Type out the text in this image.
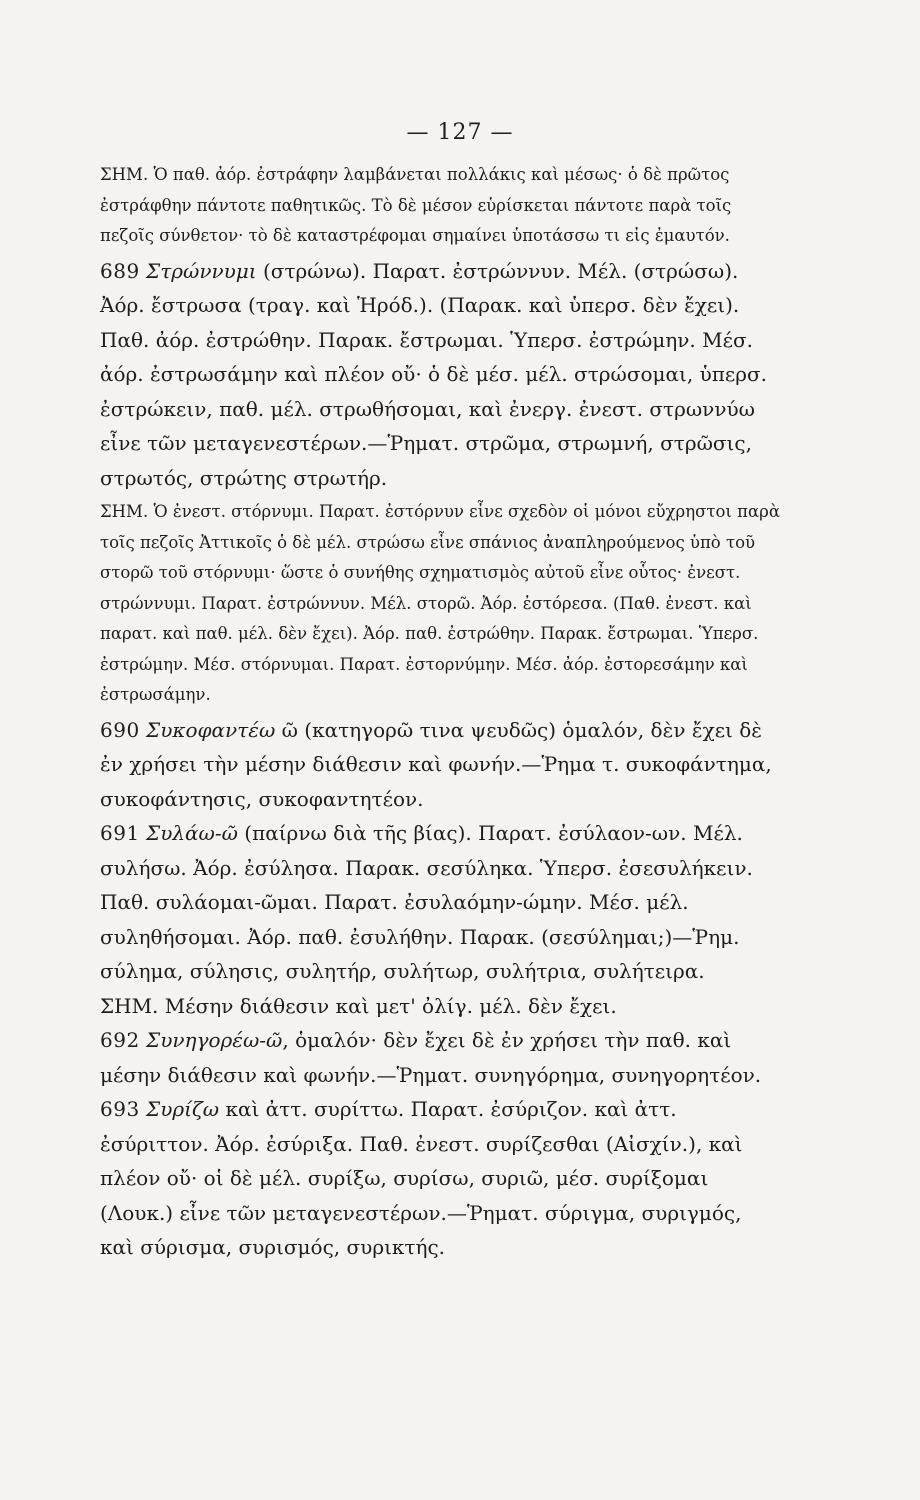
— 127 —

ΣΗΜ. Ὁ παθ. ἀόρ. ἐστράφην λαμβάνεται πολλάκις καὶ μέσως· ὁ δὲ πρῶτος ἐστράφθην πάντοτε παθητικῶς. Τὸ δὲ μέσον εὑρίσκεται πάντοτε παρὰ τοῖς πεζοῖς σύνθετον· τὸ δὲ καταστρέφομαι σημαίνει ὑποτάσσω τι εἰς ἐμαυτόν.

689 Στρώννυμι (στρώνω). Παρατ. ἐστρώννυν. Μέλ. (στρώσω). Ἀόρ. ἔστρωσα (τραγ. καὶ Ἡρόδ.). (Παρακ. καὶ ὑπερσ. δὲν ἔχει).

Παθ. ἀόρ. ἐστρώθην. Παρακ. ἔστρωμαι. Ὑπερσ. ἐστρώμην. Μέσ. ἀόρ. ἐστρωσάμην καὶ πλέον οὔ· ὁ δὲ μέσ. μέλ. στρώσομαι, ὑπερσ. ἐστρώκειν, παθ. μέλ. στρωθήσομαι, καὶ ἐνεργ. ἐνεστ. στρωννύω εἶνε τῶν μεταγενεστέρων.—Ῥηματ. στρῶμα, στρωμνή, στρῶσις, στρωτός, στρώτης στρωτήρ.

ΣΗΜ. Ὁ ἐνεστ. στόρνυμι. Παρατ. ἐστόρνυν εἶνε σχεδὸν οἱ μόνοι εὔχρηστοι παρὰ τοῖς πεζοῖς Ἀττικοῖς ὁ δὲ μέλ. στρώσω εἶνε σπάνιος ἀναπληρούμενος ὑπὸ τοῦ στορῶ τοῦ στόρνυμι· ὥστε ὁ συνήθης σχηματισμὸς αὐτοῦ εἶνε οὗτος· ἐνεστ. στρώννυμι. Παρατ. ἐστρώννυν. Μέλ. στορῶ. Ἀόρ. ἐστόρεσα. (Παθ. ἐνεστ. καὶ παρατ. καὶ παθ. μέλ. δὲν ἔχει). Ἀόρ. παθ. ἐστρώθην. Παρακ. ἔστρωμαι. Ὑπερσ. ἐστρώμην. Μέσ. στόρνυμαι. Παρατ. ἐστορνύμην. Μέσ. ἀόρ. ἐστορεσάμην καὶ ἐστρωσάμην.

690 Συκοφαντέω ῶ (κατηγορῶ τινα ψευδῶς) ὁμαλόν, δὲν ἔχει δὲ ἐν χρήσει τὴν μέσην διάθεσιν καὶ φωνήν.—Ῥημα τ. συκοφάντημα, συκοφάντησις, συκοφαντητέον.

691 Συλάω-ῶ (παίρνω διὰ τῆς βίας). Παρατ. ἐσύλαον-ων. Μέλ. συλήσω. Ἀόρ. ἐσύλησα. Παρακ. σεσύληκα. Ὑπερσ. ἐσεσυλήκειν.

Παθ. συλάομαι-ῶμαι. Παρατ. ἐσυλαόμην-ώμην. Μέσ. μέλ. συληθήσομαι. Ἀόρ. παθ. ἐσυλήθην. Παρακ. (σεσύλημαι;)—Ῥημ. σύλημα, σύλησις, συλητήρ, συλήτωρ, συλήτρια, συλήτειρα.

ΣΗΜ. Μέσην διάθεσιν καὶ μετ' ὀλίγ. μέλ. δὲν ἔχει.

692 Συνηγορέω-ῶ, ὁμαλόν· δὲν ἔχει δὲ ἐν χρήσει τὴν παθ. καὶ μέσην διάθεσιν καὶ φωνήν.—Ῥηματ. συνηγόρημα, συνηγορητέον.

693 Συρίζω καὶ ἀττ. συρίττω. Παρατ. ἐσύριζον. καὶ ἀττ. ἐσύριττον. Ἀόρ. ἐσύριξα. Παθ. ἐνεστ. συρίζεσθαι (Αἰσχίν.), καὶ πλέον οὔ· οἱ δὲ μέλ. συρίξω, συρίσω, συριῶ, μέσ. συρίξομαι (Λουκ.) εἶνε τῶν μεταγενεστέρων.—Ῥηματ. σύριγμα, συριγμός, καὶ σύρισμα, συρισμός, συρικτής.
